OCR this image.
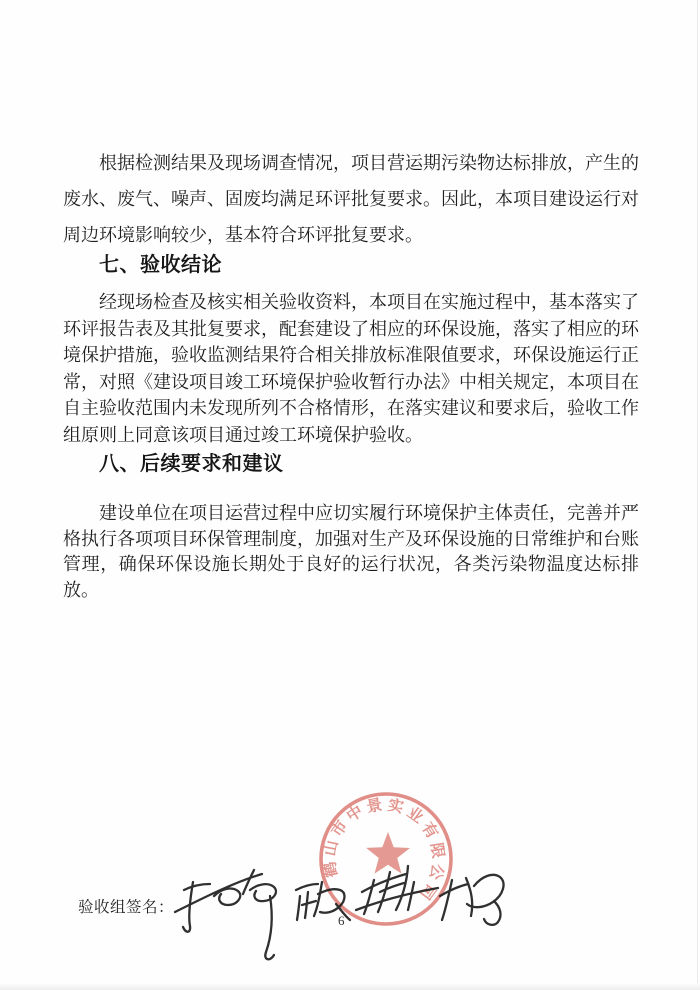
根据检测结果及现场调查情况，项目营运期污染物达标排放，产生的废水、废气、噪声、固废均满足环评批复要求。因此，本项目建设运行对周边环境影响较少，基本符合环评批复要求。

七、验收结论

经现场检查及核实相关验收资料，本项目在实施过程中，基本落实了环评报告表及其批复要求，配套建设了相应的环保设施，落实了相应的环境保护措施，验收监测结果符合相关排放标准限值要求，环保设施运行正常，对照《建设项目竣工环境保护验收暂行办法》中相关规定，本项目在自主验收范围内未发现所列不合格情形，在落实建议和要求后，验收工作组原则上同意该项目通过竣工环境保护验收。

八、后续要求和建议

建设单位在项目运营过程中应切实履行环境保护主体责任，完善并严格执行各项项目环保管理制度，加强对生产及环保设施的日常维护和台账管理，确保环保设施长期处于良好的运行状况，各类污染物温度达标排放。

鹤山市中景实业有限公司
验收组签名：
6
